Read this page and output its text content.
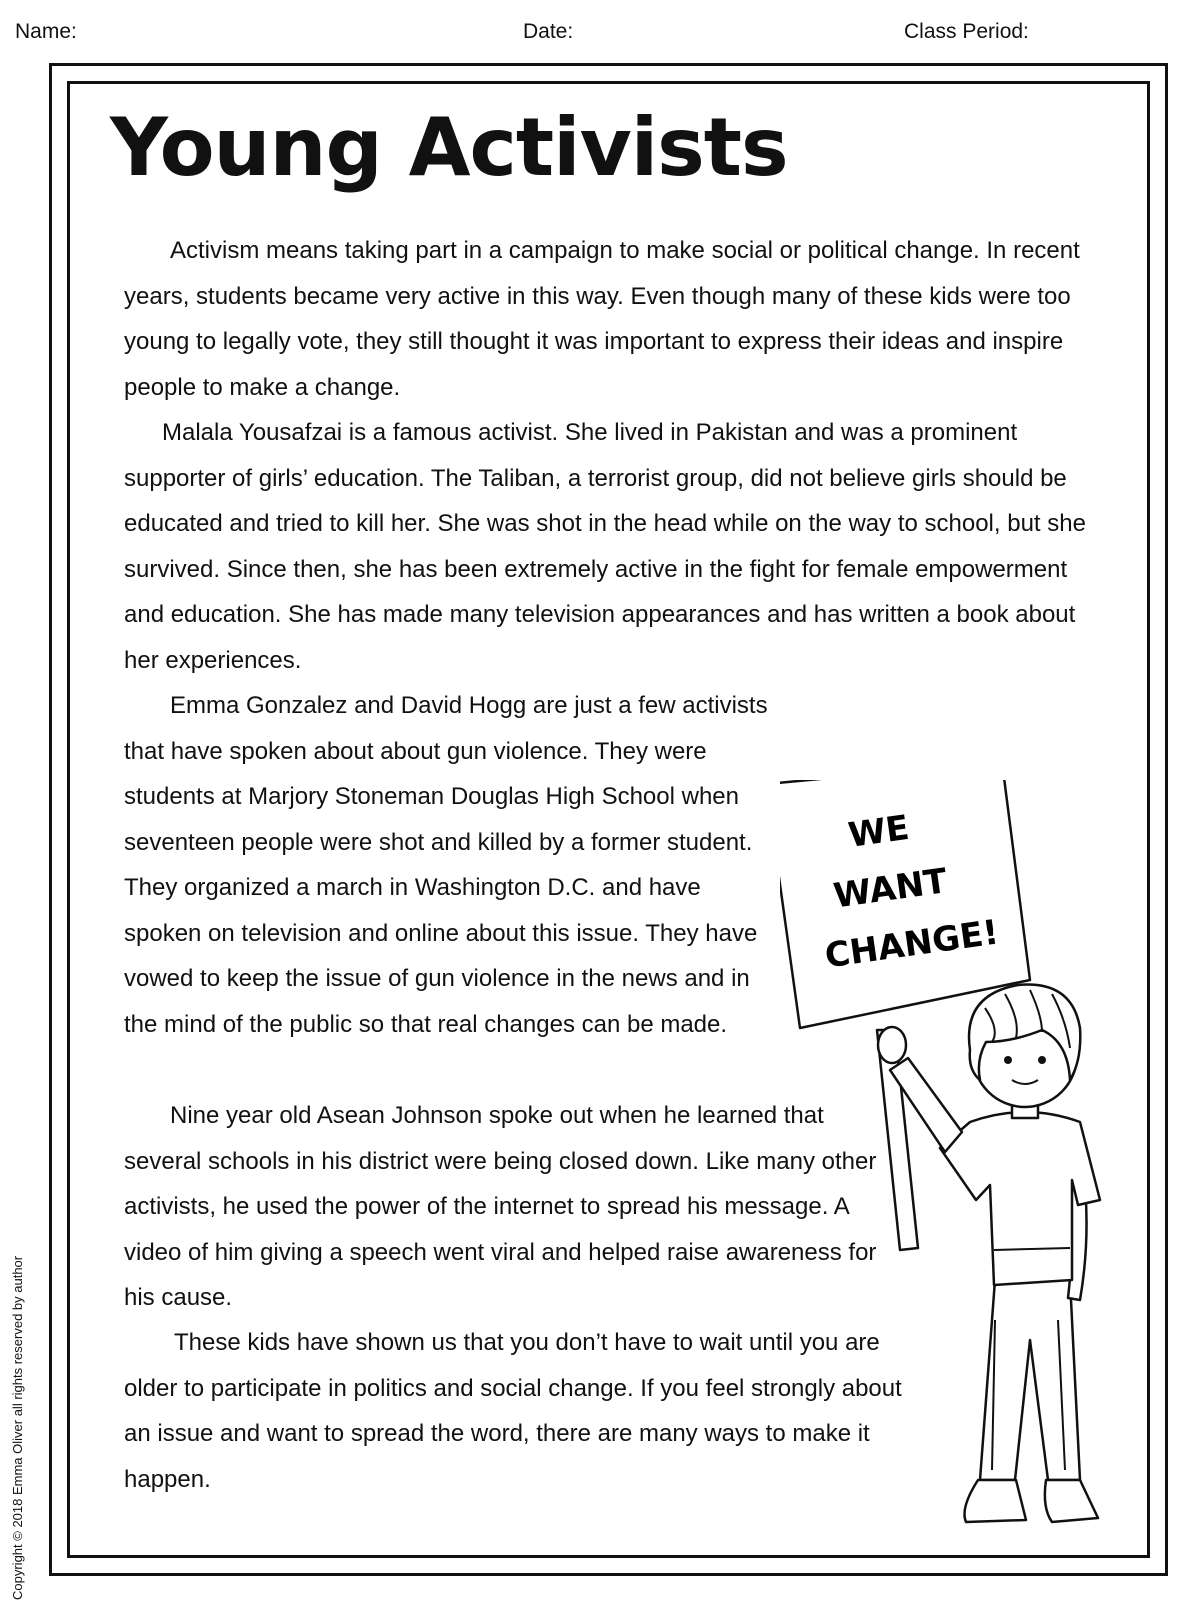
Name:	Date:	Class Period:
Young Activists

Activism means taking part in a campaign to make social or political change. In recent years, students became very active in this way. Even though many of these kids were too young to legally vote, they still thought it was important to express their ideas and inspire people to make a change.

Malala Yousafzai is a famous activist. She lived in Pakistan and was a prominent supporter of girls’ education. The Taliban, a terrorist group, did not believe girls should be educated and tried to kill her. She was shot in the head while on the way to school, but she survived. Since then, she has been extremely active in the fight for female empowerment and education. She has made many television appearances and has written a book about her experiences.

Emma Gonzalez and David Hogg are just a few activists that have spoken about about gun violence. They were students at Marjory Stoneman Douglas High School when seventeen people were shot and killed by a former student. They organized a march in Washington D.C. and have spoken on television and online about this issue. They have vowed to keep the issue of gun violence in the news and in the mind of the public so that real changes can be made.

Nine year old Asean Johnson spoke out when he learned that several schools in his district were being closed down. Like many other activists, he used the power of the internet to spread his message. A video of him giving a speech went viral and helped raise awareness for his cause.

These kids have shown us that you don’t have to wait until you are older to participate in politics and social change. If you feel strongly about an issue and want to spread the word, there are many ways to make it happen.

WE
WANT
CHANGE!
Copyright © 2018 Emma Oliver all rights reserved by author
